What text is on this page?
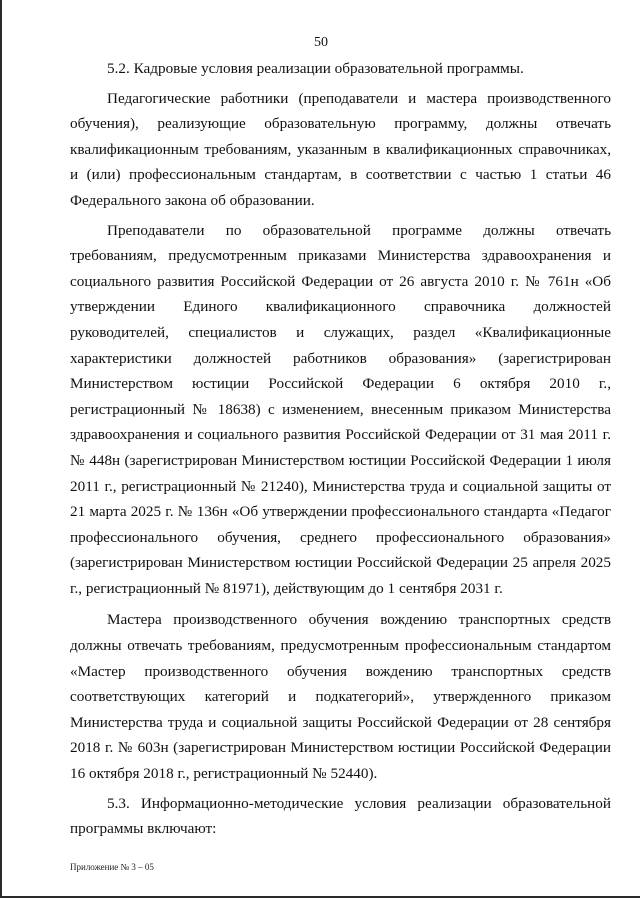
50

5.2. Кадровые условия реализации образовательной программы.

Педагогические работники (преподаватели и мастера производственного обучения), реализующие образовательную программу, должны отвечать квалификационным требованиям, указанным в квалификационных справочниках, и (или) профессиональным стандартам, в соответствии с частью 1 статьи 46 Федерального закона об образовании.

Преподаватели по образовательной программе должны отвечать требованиям, предусмотренным приказами Министерства здравоохранения и социального развития Российской Федерации от 26 августа 2010 г. № 761н «Об утверждении Единого квалификационного справочника должностей руководителей, специалистов и служащих, раздел «Квалификационные характеристики должностей работников образования» (зарегистрирован Министерством юстиции Российской Федерации 6 октября 2010 г., регистрационный № 18638) с изменением, внесенным приказом Министерства здравоохранения и социального развития Российской Федерации от 31 мая 2011 г. № 448н (зарегистрирован Министерством юстиции Российской Федерации 1 июля 2011 г., регистрационный № 21240), Министерства труда и социальной защиты от 21 марта 2025 г. № 136н «Об утверждении профессионального стандарта «Педагог профессионального обучения, среднего профессионального образования» (зарегистрирован Министерством юстиции Российской Федерации 25 апреля 2025 г., регистрационный № 81971), действующим до 1 сентября 2031 г.

Мастера производственного обучения вождению транспортных средств должны отвечать требованиям, предусмотренным профессиональным стандартом «Мастер производственного обучения вождению транспортных средств соответствующих категорий и подкатегорий», утвержденного приказом Министерства труда и социальной защиты Российской Федерации от 28 сентября 2018 г. № 603н (зарегистрирован Министерством юстиции Российской Федерации 16 октября 2018 г., регистрационный № 52440).

5.3. Информационно-методические условия реализации образовательной программы включают:

Приложение № 3 – 05
